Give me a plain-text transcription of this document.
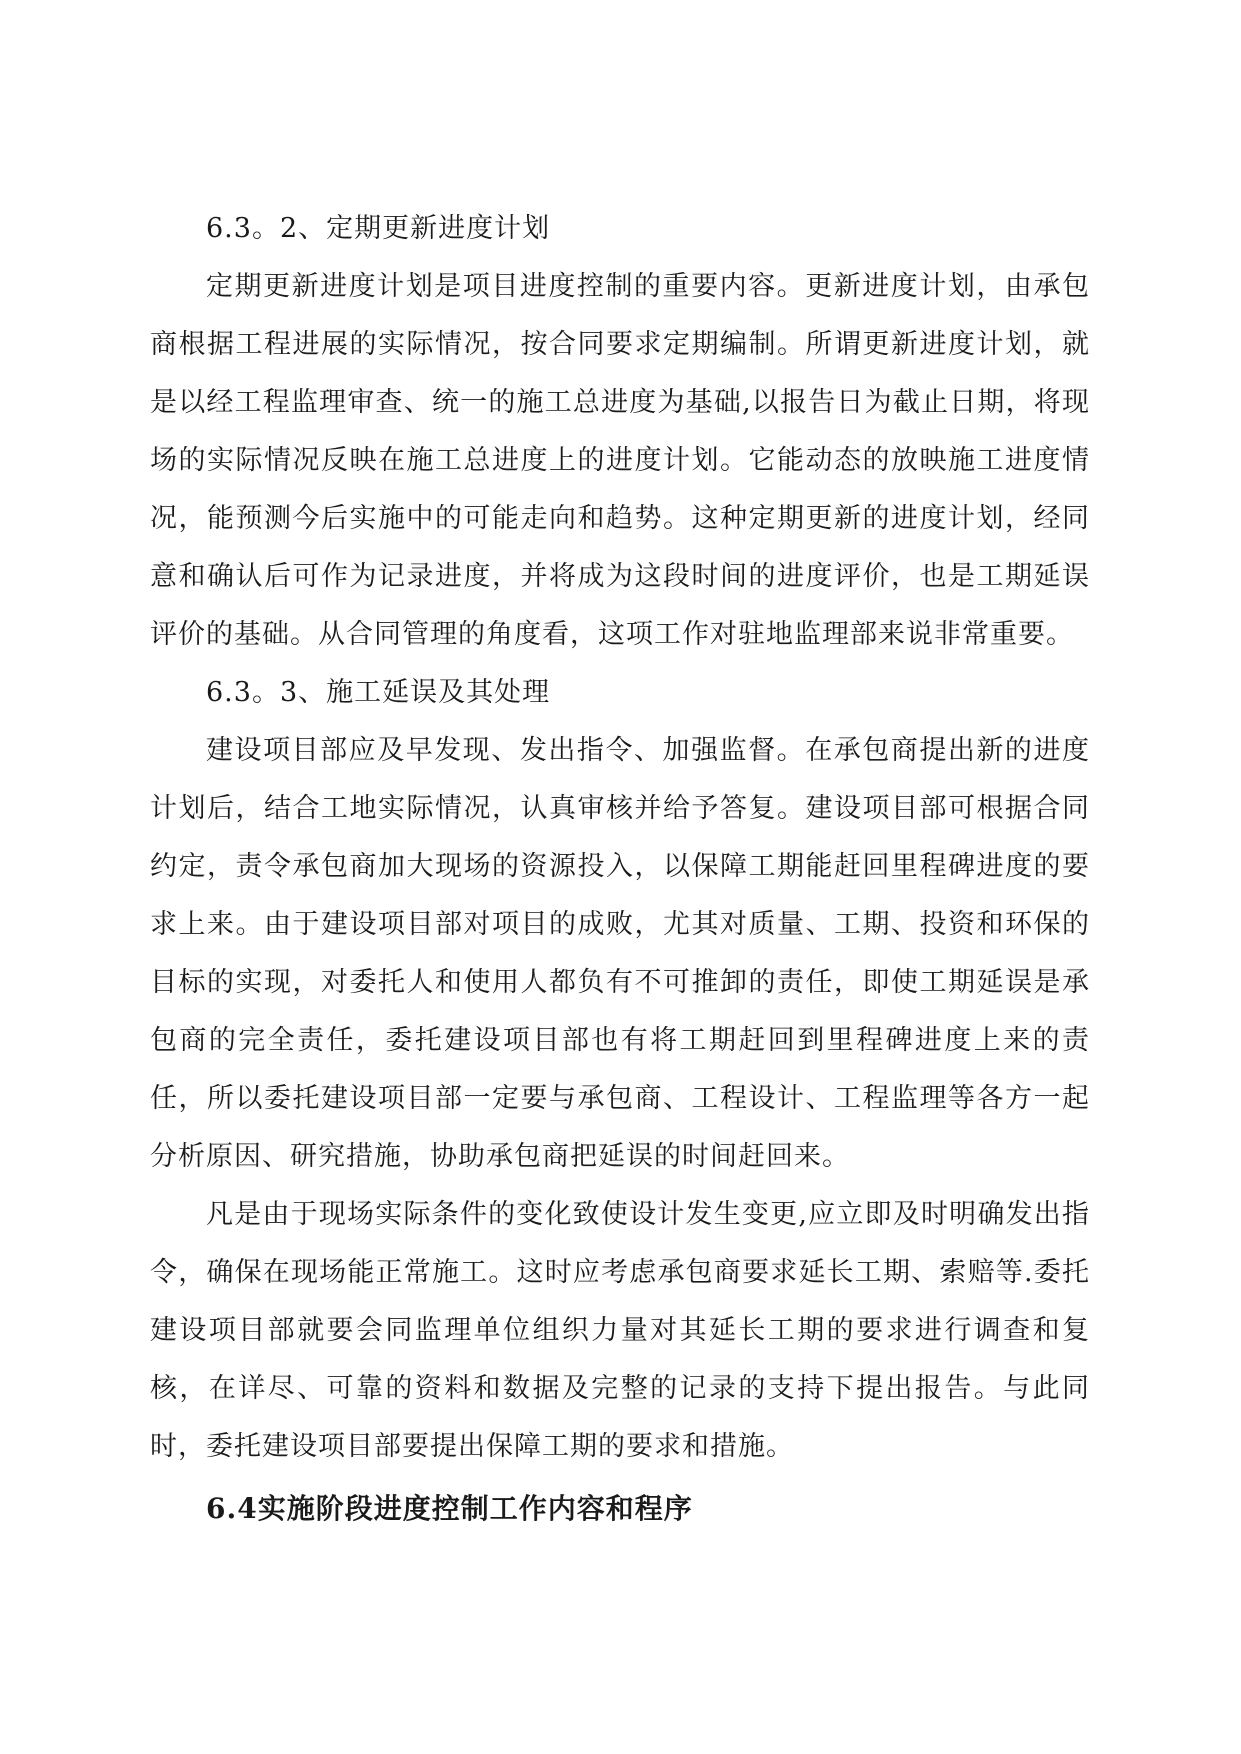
6.3。2、定期更新进度计划

定期更新进度计划是项目进度控制的重要内容。更新进度计划，由承包商根据工程进展的实际情况，按合同要求定期编制。所谓更新进度计划，就是以经工程监理审查、统一的施工总进度为基础,以报告日为截止日期，将现场的实际情况反映在施工总进度上的进度计划。它能动态的放映施工进度情况，能预测今后实施中的可能走向和趋势。这种定期更新的进度计划，经同意和确认后可作为记录进度，并将成为这段时间的进度评价，也是工期延误评价的基础。从合同管理的角度看，这项工作对驻地监理部来说非常重要。

6.3。3、施工延误及其处理

建设项目部应及早发现、发出指令、加强监督。在承包商提出新的进度计划后，结合工地实际情况，认真审核并给予答复。建设项目部可根据合同约定，责令承包商加大现场的资源投入，以保障工期能赶回里程碑进度的要求上来。由于建设项目部对项目的成败，尤其对质量、工期、投资和环保的目标的实现，对委托人和使用人都负有不可推卸的责任，即使工期延误是承包商的完全责任，委托建设项目部也有将工期赶回到里程碑进度上来的责任，所以委托建设项目部一定要与承包商、工程设计、工程监理等各方一起分析原因、研究措施，协助承包商把延误的时间赶回来。

凡是由于现场实际条件的变化致使设计发生变更,应立即及时明确发出指令，确保在现场能正常施工。这时应考虑承包商要求延长工期、索赔等.委托建设项目部就要会同监理单位组织力量对其延长工期的要求进行调查和复核，在详尽、可靠的资料和数据及完整的记录的支持下提出报告。与此同时，委托建设项目部要提出保障工期的要求和措施。

6.4实施阶段进度控制工作内容和程序
